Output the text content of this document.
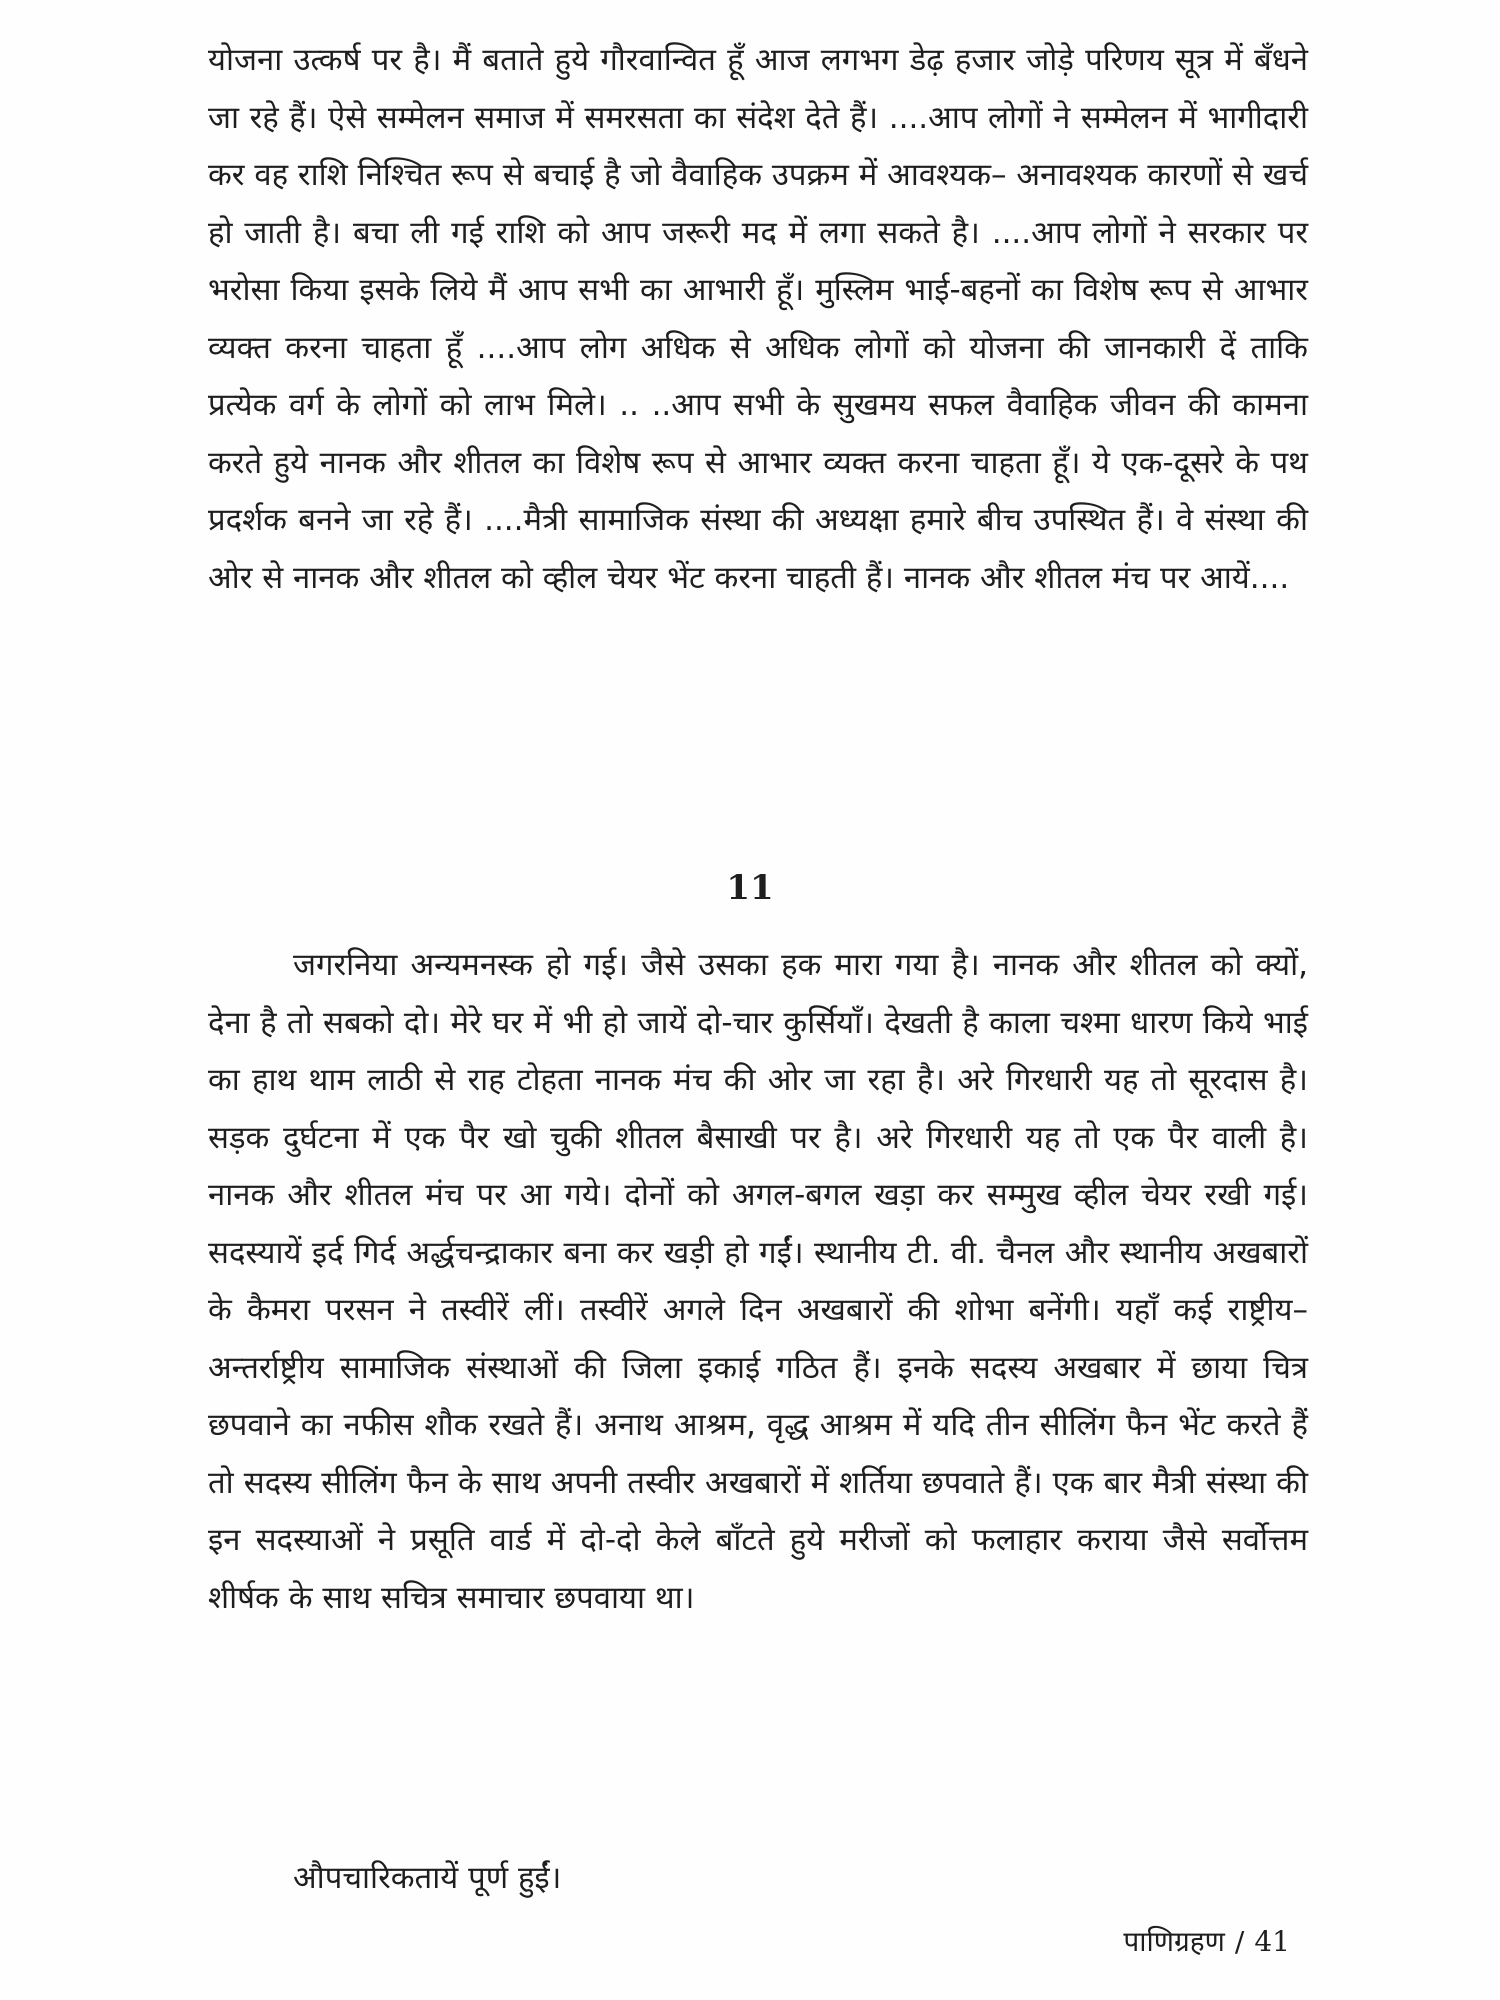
योजना उत्कर्ष पर है। मैं बताते हुये गौरवान्वित हूँ आज लगभग डेढ़ हजार जोड़े परिणय सूत्र में बँधने जा रहे हैं। ऐसे सम्मेलन समाज में समरसता का संदेश देते हैं। ....आप लोगों ने सम्मेलन में भागीदारी कर वह राशि निश्चित रूप से बचाई है जो वैवाहिक उपक्रम में आवश्यक– अनावश्यक कारणों से खर्च हो जाती है। बचा ली गई राशि को आप जरूरी मद में लगा सकते है। ....आप लोगों ने सरकार पर भरोसा किया इसके लिये मैं आप सभी का आभारी हूँ। मुस्लिम भाई-बहनों का विशेष रूप से आभार व्यक्त करना चाहता हूँ ....आप लोग अधिक से अधिक लोगों को योजना की जानकारी दें ताकि प्रत्येक वर्ग के लोगों को लाभ मिले। .. ..आप सभी के सुखमय सफल वैवाहिक जीवन की कामना करते हुये नानक और शीतल का विशेष रूप से आभार व्यक्त करना चाहता हूँ। ये एक-दूसरे के पथ प्रदर्शक बनने जा रहे हैं। ....मैत्री सामाजिक संस्था की अध्यक्षा हमारे बीच उपस्थित हैं। वे संस्था की ओर से नानक और शीतल को व्हील चेयर भेंट करना चाहती हैं। नानक और शीतल मंच पर आयें....
11

जगरनिया अन्यमनस्क हो गई। जैसे उसका हक मारा गया है। नानक और शीतल को क्यों, देना है तो सबको दो। मेरे घर में भी हो जायें दो-चार कुर्सियाँ। देखती है काला चश्मा धारण किये भाई का हाथ थाम लाठी से राह टोहता नानक मंच की ओर जा रहा है। अरे गिरधारी यह तो सूरदास है। सड़क दुर्घटना में एक पैर खो चुकी शीतल बैसाखी पर है। अरे गिरधारी यह तो एक पैर वाली है। नानक और शीतल मंच पर आ गये। दोनों को अगल-बगल खड़ा कर सम्मुख व्हील चेयर रखी गई। सदस्यायें इर्द गिर्द अर्द्धचन्द्राकार बना कर खड़ी हो गईं। स्थानीय टी. वी. चैनल और स्थानीय अखबारों के कैमरा परसन ने तस्वीरें लीं। तस्वीरें अगले दिन अखबारों की शोभा बनेंगी। यहाँ कई राष्ट्रीय–अन्तर्राष्ट्रीय सामाजिक संस्थाओं की जिला इकाई गठित हैं। इनके सदस्य अखबार में छाया चित्र छपवाने का नफीस शौक रखते हैं। अनाथ आश्रम, वृद्ध आश्रम में यदि तीन सीलिंग फैन भेंट करते हैं तो सदस्य सीलिंग फैन के साथ अपनी तस्वीर अखबारों में शर्तिया छपवाते हैं। एक बार मैत्री संस्था की इन सदस्याओं ने प्रसूति वार्ड में दो-दो केले बाँटते हुये मरीजों को फलाहार कराया जैसे सर्वोत्तम शीर्षक के साथ सचित्र समाचार छपवाया था।

औपचारिकतायें पूर्ण हुईं।
पाणिग्रहण / 41
